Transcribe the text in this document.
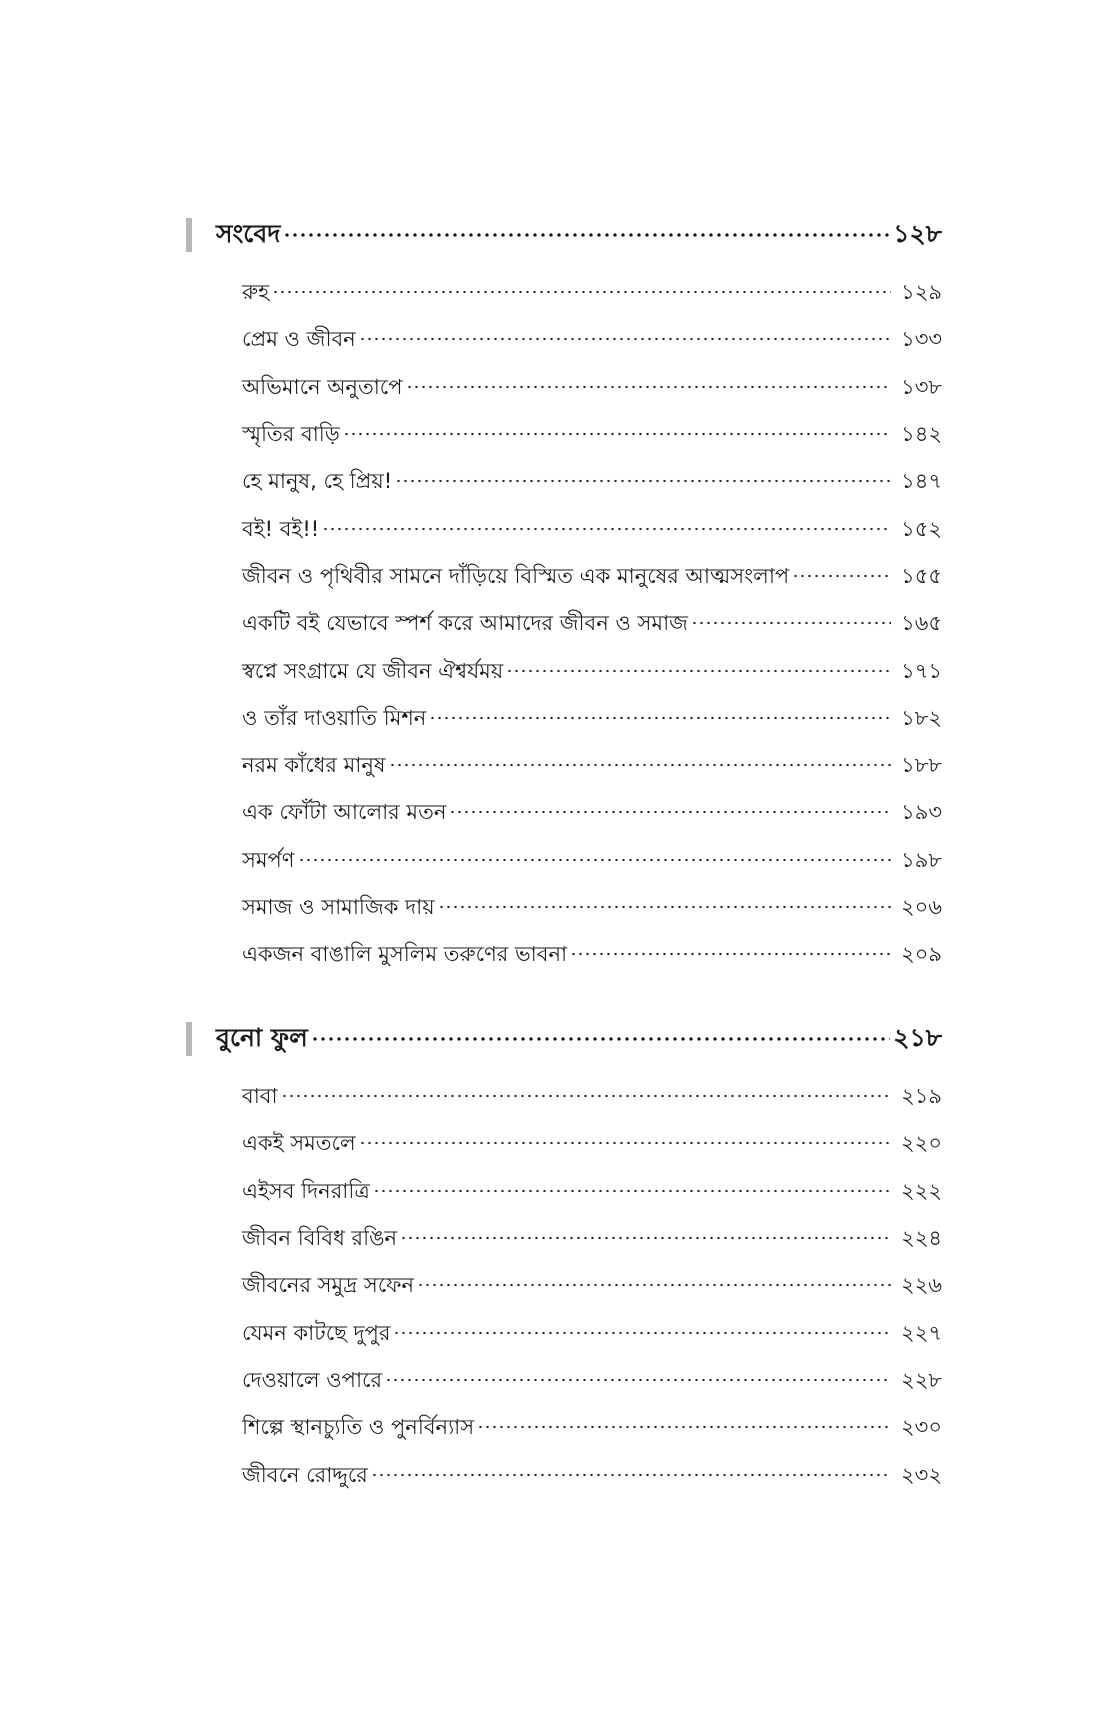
সংবেদ	১২৮
রুহ	১২৯
প্রেম ও জীবন	১৩৩
অভিমানে অনুতাপে	১৩৮
স্মৃতির বাড়ি	১৪২
হে মানুষ, হে প্রিয়!	১৪৭
বই! বই!!	১৫২
জীবন ও পৃথিবীর সামনে দাঁড়িয়ে বিস্মিত এক মানুষের আত্মসংলাপ	১৫৫
একটি বই যেভাবে স্পর্শ করে আমাদের জীবন ও সমাজ	১৬৫
স্বপ্নে সংগ্রামে যে জীবন ঐশ্বর্যময়	১৭১
ও তাঁর দাওয়াতি মিশন	১৮২
নরম কাঁধের মানুষ	১৮৮
এক ফোঁটা আলোর মতন	১৯৩
সমর্পণ	১৯৮
সমাজ ও সামাজিক দায়	২০৬
একজন বাঙালি মুসলিম তরুণের ভাবনা	২০৯
বুনো ফুল	২১৮
বাবা	২১৯
একই সমতলে	২২০
এইসব দিনরাত্রি	২২২
জীবন বিবিধ রঙিন	২২৪
জীবনের সমুদ্র সফেন	২২৬
যেমন কাটছে দুপুর	২২৭
দেওয়ালে ওপারে	২২৮
শিল্পে স্থানচ্যুতি ও পুনর্বিন্যাস	২৩০
জীবনে রোদ্দুরে	২৩২
